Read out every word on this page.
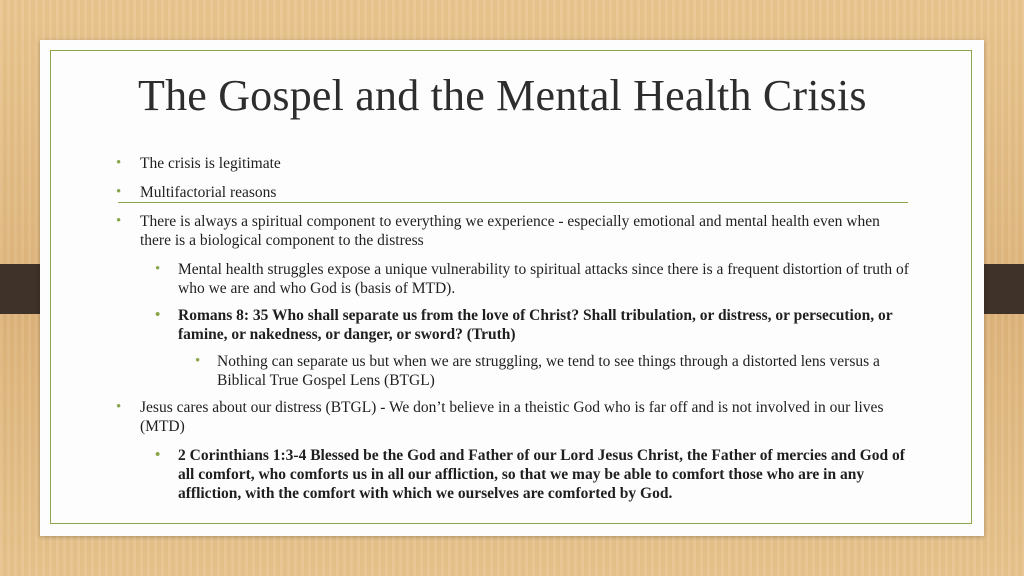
The Gospel and the Mental Health Crisis
• The crisis is legitimate
• Multifactorial reasons
• There is always a spiritual component to everything we experience - especially emotional and mental health even when there is a biological component to the distress
• Mental health struggles expose a unique vulnerability to spiritual attacks since there is a frequent distortion of truth of who we are and who God is (basis of MTD).
• Romans 8: 35 Who shall separate us from the love of Christ? Shall tribulation, or distress, or persecution, or famine, or nakedness, or danger, or sword? (Truth)
• Nothing can separate us but when we are struggling, we tend to see things through a distorted lens versus a Biblical True Gospel Lens (BTGL)
• Jesus cares about our distress (BTGL) - We don’t believe in a theistic God who is far off and is not involved in our lives (MTD)
• 2 Corinthians 1:3-4 Blessed be the God and Father of our Lord Jesus Christ, the Father of mercies and God of all comfort, who comforts us in all our affliction, so that we may be able to comfort those who are in any affliction, with the comfort with which we ourselves are comforted by God.
